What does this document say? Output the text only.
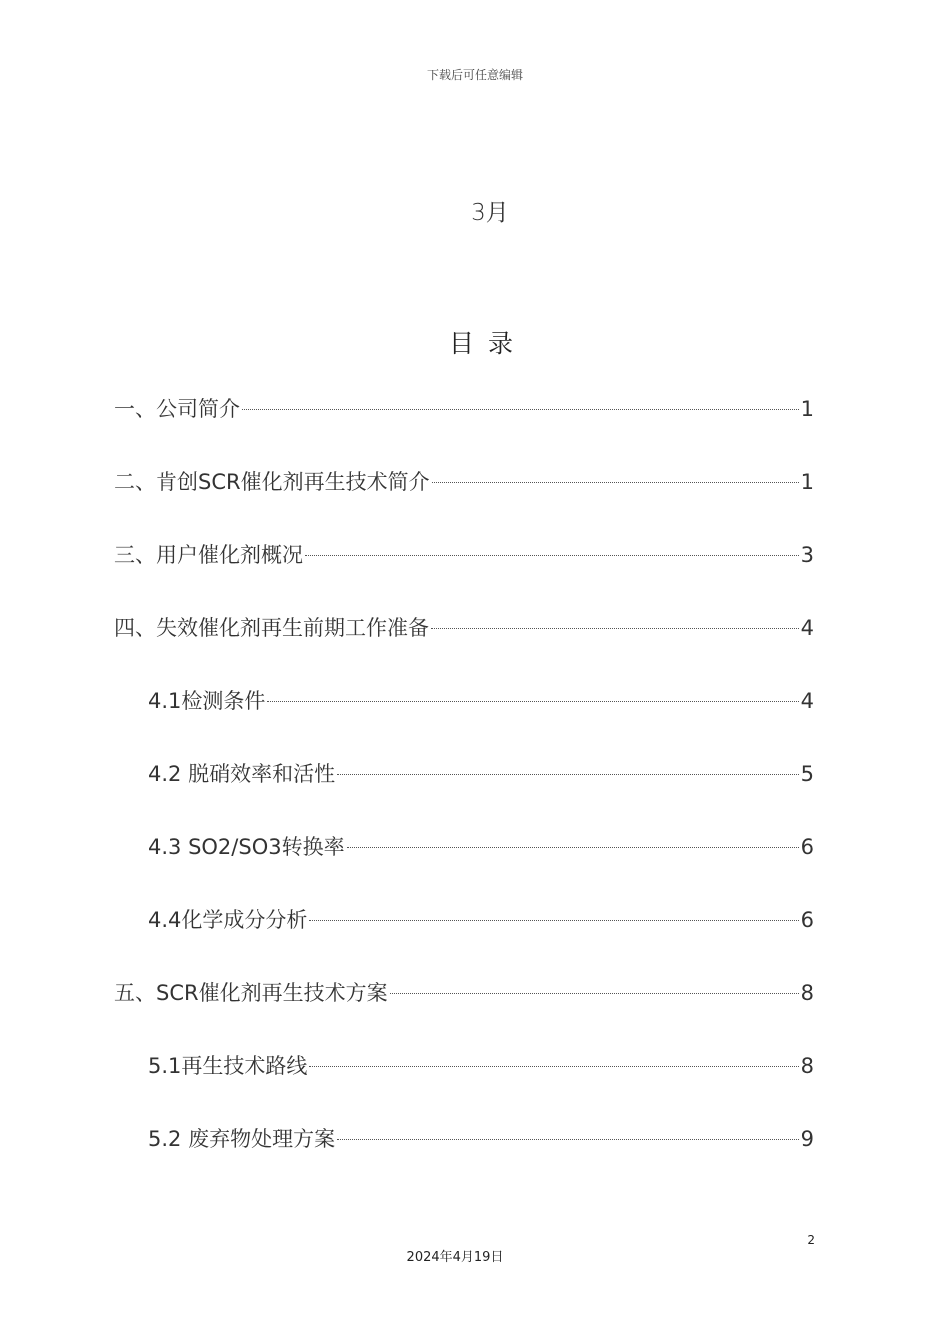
下载后可任意编辑
3月
目录
一、公司简介	1
二、肯创SCR催化剂再生技术简介	1
三、用户催化剂概况	3
四、失效催化剂再生前期工作准备	4
4.1检测条件	4
4.2 脱硝效率和活性	5
4.3 SO2/SO3转换率	6
4.4化学成分分析	6
五、SCR催化剂再生技术方案	8
5.1再生技术路线	8
5.2 废弃物处理方案	9
2
2024年4月19日
